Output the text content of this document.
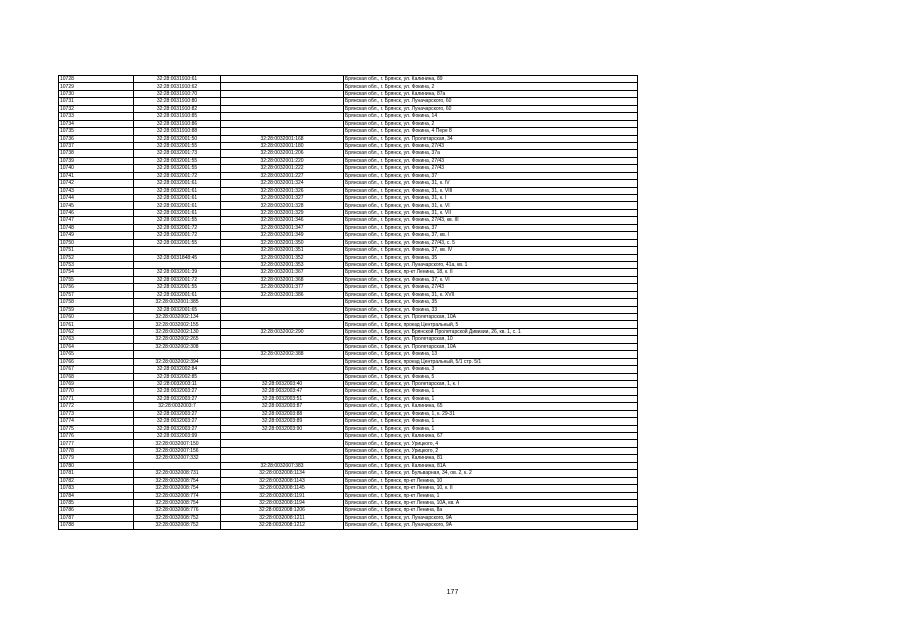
10728	32:28:0031910:61		Брянская обл., г. Брянск, ул. Калинина, 89
10729	32:28:0031910:62		Брянская обл., г. Брянск, ул. Фокина, 2
10730	32:28:0031910:70		Брянская обл., г. Брянск, ул. Калинина, 87а
10731	32:28:0031910:80		Брянская обл., г. Брянск, ул. Луначарского, 60
10732	32:28:0031910:82		Брянская обл., г. Брянск, ул. Луначарского, 60
10733	32:28:0031910:85		Брянская обл., г. Брянск, ул. Фокина, 14
10734	32:28:0031910:86		Брянская обл., г. Брянск, ул. Фокина, 2
10735	32:28:0031910:88		Брянская обл., г. Брянск, ул. Фокина, 4 Пере 8
10736	32:28:0032001:50	32:28:0032001:168	Брянская обл., г. Брянск, ул. Пролетарская, 34
10737	32:28:0032001:55	32:28:0032001:180	Брянская обл., г. Брянск, ул. Фокина, 27/43
10738	32:28:0032001:73	32:28:0032001:206	Брянская обл., г. Брянск, ул. Фокина, 37а
10739	32:28:0032001:55	32:28:0032001:220	Брянская обл., г. Брянск, ул. Фокина, 27/43
10740	32:28:0032001:55	32:28:0032001:222	Брянская обл., г. Брянск, ул. Фокина, 27/43
10741	32:28:0032001:72	32:28:0032001:227	Брянская обл., г. Брянск, ул. Фокина, 37
10742	32:28:0032001:61	32:28:0032001:324	Брянская обл., г. Брянск, ул. Фокина, 31, к. IV
10743	32:28:0032001:61	32:28:0032001:326	Брянская обл., г. Брянск, ул. Фокина, 31, к. VIII
10744	32:28:0032001:61	32:28:0032001:327	Брянская обл., г. Брянск, ул. Фокина, 31, к. I
10745	32:28:0032001:61	32:28:0032001:328	Брянская обл., г. Брянск, ул. Фокина, 31, к. VI
10746	32:28:0032001:61	32:28:0032001:329	Брянская обл., г. Брянск, ул. Фокина, 31, к. VII
10747	32:28:0032001:55	32:28:0032001:346	Брянская обл., г. Брянск, ул. Фокина, 27/43, кв. III
10748	32:28:0032001:72	32:28:0032001:347	Брянская обл., г. Брянск, ул. Фокина, 37
10749	32:28:0032001:72	32:28:0032001:349	Брянская обл., г. Брянск, ул. Фокина, 37, кв. I
10750	32:28:0032001:55	32:28:0032001:350	Брянская обл., г. Брянск, ул. Фокина, 27/43, с. 5
10751		32:28:0032001:351	Брянская обл., г. Брянск, ул. Фокина, 37, кв. IV
10752	32:28:0031848:45	32:28:0032001:352	Брянская обл., г. Брянск, ул. Фокина, 35
10753		32:28:0032001:353	Брянская обл., г. Брянск, ул. Луначарского, 41а, кв. 1
10754	32:28:0032001:39	32:28:0032001:367	Брянская обл., г. Брянск, пр-кт Ленина, 18, к. II
10755	32:28:0032001:72	32:28:0032001:368	Брянская обл., г. Брянск, ул. Фокина, 37, к. VI
10756	32:28:0032001:55	32:28:0032001:377	Брянская обл., г. Брянск, ул. Фокина, 27/43
10757	32:28:0032001:61	32:28:0032001:386	Брянская обл., г. Брянск, ул. Фокина, 31, к. XVII
10758	32:28:0032001:385		Брянская обл., г. Брянск, ул. Фокина, 35
10759	32:28:0032001:65		Брянская обл., г. Брянск, ул. Фокина, 33
10760	32:28:0032002:134		Брянская обл., г. Брянск, ул. Пролетарская, 10А
10761	32:28:0032002:155		Брянская обл., г. Брянск, проезд Центральный, 5
10762	32:28:0032002:130	32:28:0032002:290	Брянская обл., г. Брянск, ул. Брянской Пролетарской Дивизии, 26, кв. 1, с. 1
10763	32:28:0032002:265		Брянская обл., г. Брянск, ул. Пролетарская, 10
10764	32:28:0032002:308		Брянская обл., г. Брянск, ул. Пролетарская, 10А
10765		32:28:0032002:388	Брянская обл., г. Брянск, ул. Фокина, 13
10766	32:28:0032002:394		Брянская обл., г. Брянск, проезд Центральный, 5/1 стр. 5/1
10767	32:28:0032002:84		Брянская обл., г. Брянск, ул. Фокина, 3
10768	32:28:0032002:85		Брянская обл., г. Брянск, ул. Фокина, 5
10769	32:28:0032003:11	32:28:0032003:40	Брянская обл., г. Брянск, ул. Пролетарская, 1, к. I
10770	32:28:0032003:27	32:28:0032003:47	Брянская обл., г. Брянск, ул. Фокина, 1
10771	32:28:0032003:27	32:28:0032003:51	Брянская обл., г. Брянск, ул. Фокина, 1
10772	32:28:0032003:7	32:28:0032003:87	Брянская обл., г. Брянск, ул. Калинина, 65
10773	32:28:0032003:27	32:28:0032003:88	Брянская обл., г. Брянск, ул. Фокина, 1, к. 29-31
10774	32:28:0032003:27	32:28:0032003:89	Брянская обл., г. Брянск, ул. Фокина, 1
10775	32:28:0032003:27	32:28:0032003:90	Брянская обл., г. Брянск, ул. Фокина, 1
10776	32:28:0032003:99		Брянская обл., г. Брянск, ул. Калинина, 67
10777	32:28:0032007:150		Брянская обл., г. Брянск, ул. Урицкого, 4
10778	32:28:0032007:156		Брянская обл., г. Брянск, ул. Урицкого, 2
10779	32:28:0032007:332		Брянская обл., г. Брянск, ул. Калинина, 81
10780		32:28:0032007:383	Брянская обл., г. Брянск, ул. Калинина, 81А
10781	32:28:0032008:731	32:28:0032008:1134	Брянская обл., г. Брянск, ул. Бульварная, 34, ов. 2, к. 2
10782	32:28:0032008:754	32:28:0032008:1143	Брянская обл., г. Брянск, пр-кт Ленина, 10
10783	32:28:0032008:754	32:28:0032008:1145	Брянская обл., г. Брянск, пр-кт Ленина, 10, к. II
10784	32:28:0032008:774	32:28:0032008:1191	Брянская обл., г. Брянск, пр-кт Ленина, 1
10785	32:28:0032008:754	32:28:0032008:1194	Брянская обл., г. Брянск, пр-кт Ленина, 10А, кв. А
10786	32:28:0032008:776	32:28:0032008:1206	Брянская обл., г. Брянск, пр-кт Ленина, 8а
10787	32:28:0032008:752	32:28:0032008:1211	Брянская обл., г. Брянск, ул. Луначарского, 9А
10788	32:28:0032008:752	32:28:0032008:1212	Брянская обл., г. Брянск, ул. Луначарского, 9А
177
